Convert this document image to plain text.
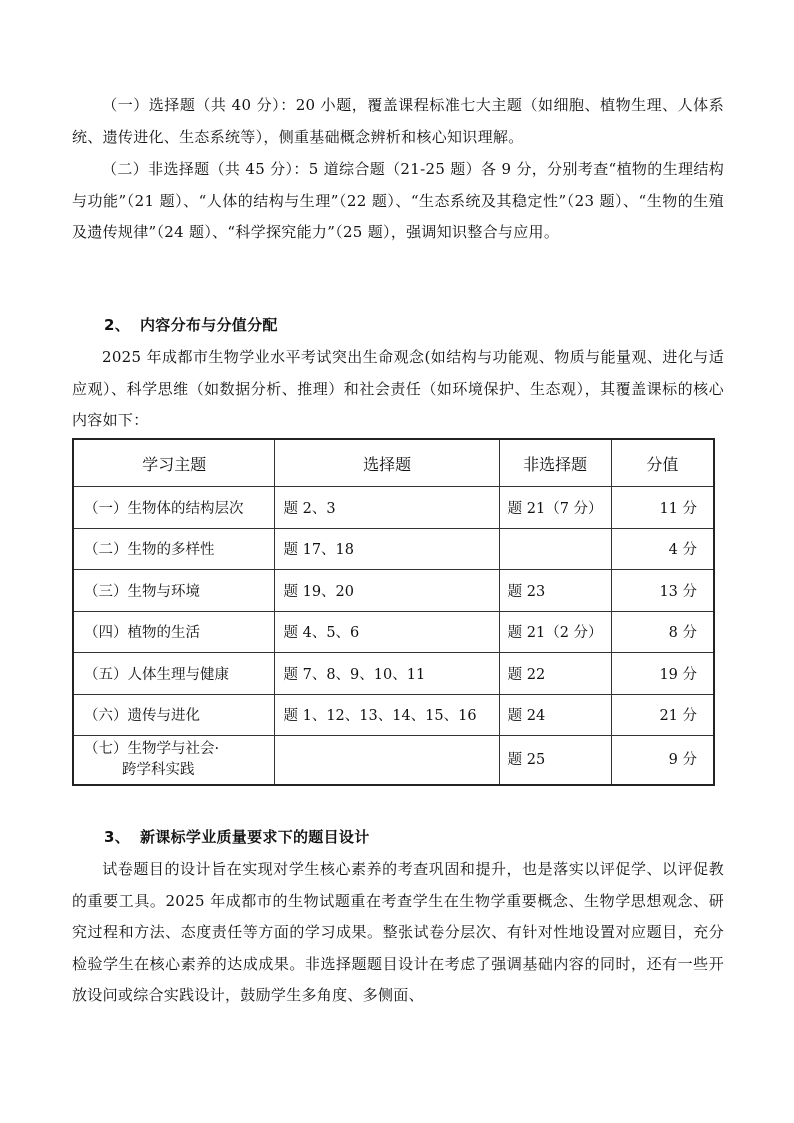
（一）选择题（共 40 分）：20 小题，覆盖课程标准七大主题（如细胞、植物生理、人体系统、遗传进化、生态系统等），侧重基础概念辨析和核心知识理解。

（二）非选择题（共 45 分）：5 道综合题（21-25 题）各 9 分，分别考查“植物的生理结构与功能”（21 题）、“人体的结构与生理”（22 题）、“生态系统及其稳定性”（23 题）、“生物的生殖及遗传规律”（24 题）、“科学探究能力”（25 题），强调知识整合与应用。

2、 内容分布与分值分配

2025 年成都市生物学业水平考试突出生命观念(如结构与功能观、物质与能量观、进化与适应观）、科学思维（如数据分析、推理）和社会责任（如环境保护、生态观），其覆盖课标的核心内容如下：

学习主题	选择题	非选择题	分值
（一）生物体的结构层次	题 2、3	题 21（7 分）	11 分
（二）生物的多样性	题 17、18		4 分
（三）生物与环境	题 19、20	题 23	13 分
（四）植物的生活	题 4、5、6	题 21（2 分）	8 分
（五）人体生理与健康	题 7、8、9、10、11	题 22	19 分
（六）遗传与进化	题 1、12、13、14、15、16	题 24	21 分

（七）生物学与社会·
跨学科实践		题 25	9 分
3、 新课标学业质量要求下的题目设计

试卷题目的设计旨在实现对学生核心素养的考查巩固和提升，也是落实以评促学、以评促教的重要工具。2025 年成都市的生物试题重在考查学生在生物学重要概念、生物学思想观念、研究过程和方法、态度责任等方面的学习成果。整张试卷分层次、有针对性地设置对应题目，充分检验学生在核心素养的达成成果。非选择题题目设计在考虑了强调基础内容的同时，还有一些开放设问或综合实践设计，鼓励学生多角度、多侧面、
